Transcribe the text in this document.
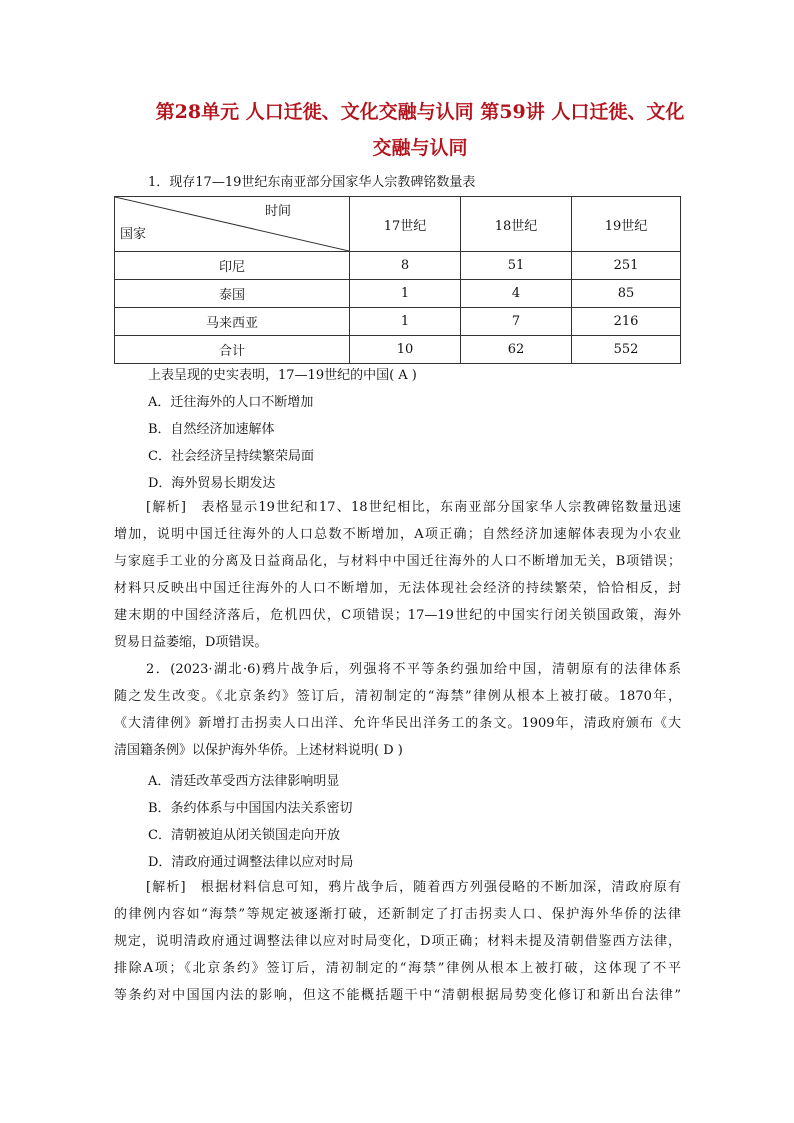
第28单元 人口迁徙、文化交融与认同 第59讲 人口迁徙、文化
交融与认同
1．现存17—19世纪东南亚部分国家华人宗教碑铭数量表
时间
国家	17世纪	18世纪	19世纪
印尼	8	51	251
泰国	1	4	85
马来西亚	1	7	216
合计	10	62	552
上表呈现的史实表明，17—19世纪的中国( A )
A．迁往海外的人口不断增加
B．自然经济加速解体
C．社会经济呈持续繁荣局面
D．海外贸易长期发达

[解析]　表格显示19世纪和17、18世纪相比，东南亚部分国家华人宗教碑铭数量迅速

增加，说明中国迁往海外的人口总数不断增加，A项正确；自然经济加速解体表现为小农业

与家庭手工业的分离及日益商品化，与材料中中国迁往海外的人口不断增加无关，B项错误；

材料只反映出中国迁往海外的人口不断增加，无法体现社会经济的持续繁荣，恰恰相反，封

建末期的中国经济落后，危机四伏，C项错误；17—19世纪的中国实行闭关锁国政策，海外

贸易日益萎缩，D项错误。

2．(2023·湖北·6)鸦片战争后，列强将不平等条约强加给中国，清朝原有的法律体系

随之发生改变。《北京条约》签订后，清初制定的“海禁”律例从根本上被打破。1870年，

《大清律例》新增打击拐卖人口出洋、允许华民出洋务工的条文。1909年，清政府颁布《大

清国籍条例》以保护海外华侨。上述材料说明( D )

A．清廷改革受西方法律影响明显
B．条约体系与中国国内法关系密切
C．清朝被迫从闭关锁国走向开放
D．清政府通过调整法律以应对时局

[解析]　根据材料信息可知，鸦片战争后，随着西方列强侵略的不断加深，清政府原有

的律例内容如“海禁”等规定被逐渐打破，还新制定了打击拐卖人口、保护海外华侨的法律

规定，说明清政府通过调整法律以应对时局变化，D项正确；材料未提及清朝借鉴西方法律，

排除A项；《北京条约》签订后，清初制定的“海禁”律例从根本上被打破，这体现了不平

等条约对中国国内法的影响，但这不能概括题干中“清朝根据局势变化修订和新出台法律”
